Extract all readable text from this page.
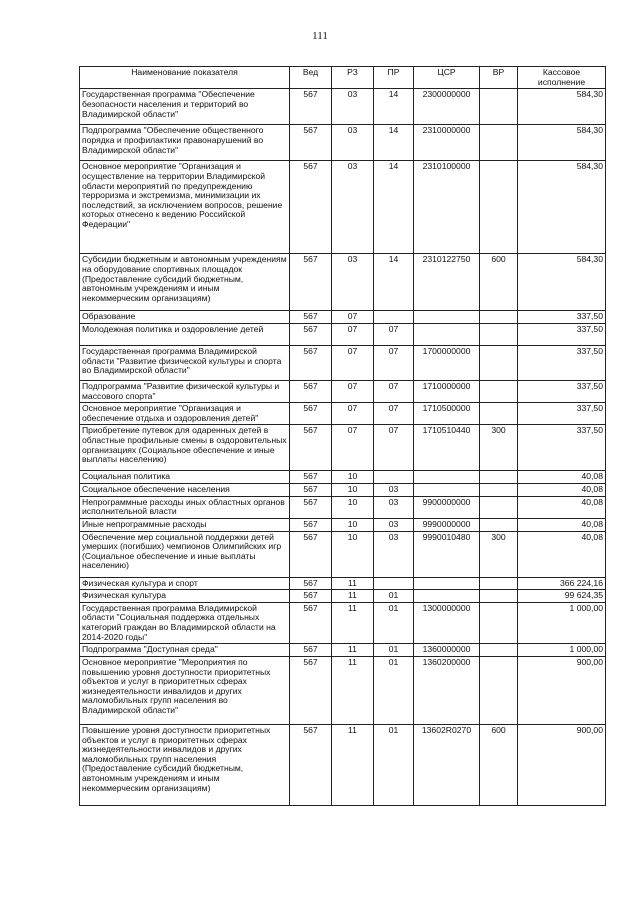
111
Наименование показателя	Вед	РЗ	ПР	ЦСР	ВР	Кассовое исполнение
Государственная программа "Обеспечение безопасности населения и территорий во Владимирской области"	567	03	14	2300000000		584,30
Подпрограмма "Обеспечение общественного порядка и профилактики правонарушений во Владимирской области"	567	03	14	2310000000		584,30
Основное мероприятие "Организация и осуществление на территории Владимирской области мероприятий по предупреждению терроризма и экстремизма, минимизации их последствий, за исключением вопросов, решение которых отнесено к ведению Российской Федерации"	567	03	14	2310100000		584,30
Субсидии бюджетным и автономным учреждениям на оборудование спортивных площадок (Предоставление субсидий бюджетным, автономным учреждениям и иным некоммерческим организациям)	567	03	14	2310122750	600	584,30
Образование	567	07				337,50
Молодежная политика и оздоровление детей	567	07	07			337,50
Государственная программа Владимирской области "Развитие физической культуры и спорта во Владимирской области"	567	07	07	1700000000		337,50
Подпрограмма "Развитие физической культуры и массового спорта"	567	07	07	1710000000		337,50
Основное мероприятие "Организация и обеспечение отдыха и оздоровления детей"	567	07	07	1710500000		337,50
Приобретение путевок для одаренных детей в областные профильные смены в оздоровительных организациях (Социальное обеспечение и иные выплаты населению)	567	07	07	1710510440	300	337,50
Социальная политика	567	10				40,08
Социальное обеспечение населения	567	10	03			40,08
Непрограммные расходы иных областных органов исполнительной власти	567	10	03	9900000000		40,08
Иные непрограммные расходы	567	10	03	9990000000		40,08
Обеспечение мер социальной поддержки детей умерших (погибших) чемпионов Олимпийских игр (Социальное обеспечение и иные выплаты населению)	567	10	03	9990010480	300	40,08
Физическая культура и спорт	567	11				366 224,16
Физическая культура	567	11	01			99 624,35
Государственная программа Владимирской области "Социальная поддержка отдельных категорий граждан во Владимирской области на 2014-2020 годы"	567	11	01	1300000000		1 000,00
Подпрограмма "Доступная среда"	567	11	01	1360000000		1 000,00
Основное мероприятие "Мероприятия по повышению уровня доступности приоритетных объектов и услуг в приоритетных сферах жизнедеятельности инвалидов и других маломобильных групп населения во Владимирской области"	567	11	01	1360200000		900,00
Повышение уровня доступности приоритетных объектов и услуг в приоритетных сферах жизнедеятельности инвалидов и других маломобильных групп населения (Предоставление субсидий бюджетным, автономным учреждениям и иным некоммерческим организациям)	567	11	01	13602R0270	600	900,00
